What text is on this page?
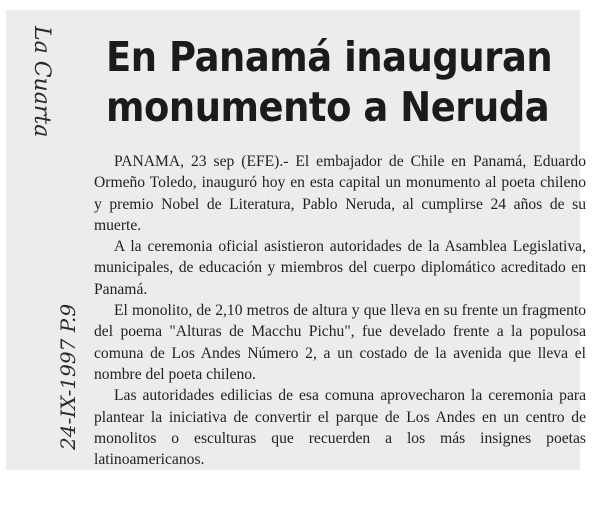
La Cuarta
24-IX-1997 P.9
En Panamá inauguran
monumento a Neruda

PANAMA, 23 sep (EFE).- El embajador de Chile en Panamá, Eduardo Ormeño Toledo, inauguró hoy en esta capital un monumento al poeta chileno y premio Nobel de Literatura, Pablo Neruda, al cumplirse 24 años de su muerte.

A la ceremonia oficial asistieron autoridades de la Asamblea Legislativa, municipales, de educación y miembros del cuerpo diplomático acreditado en Panamá.

El monolito, de 2,10 metros de altura y que lleva en su frente un fragmento del poema "Alturas de Macchu Pichu", fue develado frente a la populosa comuna de Los Andes Número 2, a un costado de la avenida que lleva el nombre del poeta chileno.

Las autoridades edilicias de esa comuna aprovecharon la ceremonia para plantear la iniciativa de convertir el parque de Los Andes en un centro de monolitos o esculturas que recuerden a los más insignes poetas latinoamericanos.
